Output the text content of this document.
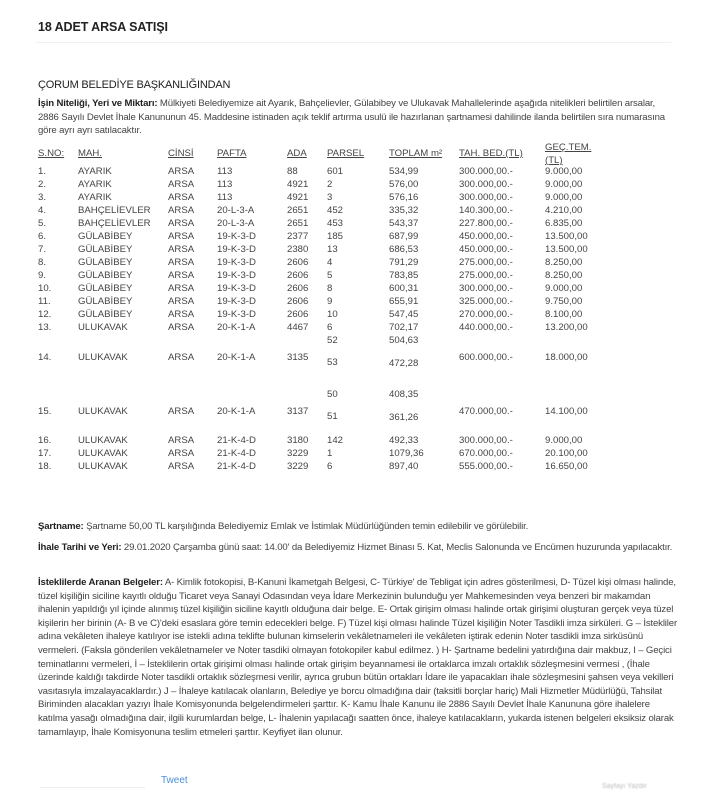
18 ADET ARSA SATIŞI
ÇORUM BELEDİYE BAŞKANLIĞINDAN
İşin Niteliği, Yeri ve Miktarı: Mülkiyeti Belediyemize ait Ayarık, Bahçelievler, Gülabibey ve Ulukavak Mahallelerinde aşağıda nitelikleri belirtilen arsalar, 2886 Sayılı Devlet İhale Kanununun 45. Maddesine istinaden açık teklif artırma usulü ile hazırlanan şartnamesi dahilinde ilanda belirtilen sıra numarasına göre ayrı ayrı satılacaktır.
S.NO: MAH.	CİNSİ PAFTA	ADA PARSEL	TOPLAM m² TAH. BED.(TL)
GEÇ.TEM.
(TL)
1.	AYARIK	ARSA 113	88	601	534,99	300.000,00.-	9.000,00
2.	AYARIK	ARSA 113	4921 2	576,00	300.000,00.-	9.000,00
3.	AYARIK	ARSA 113	4921 3	576,16	300.000,00.-	9.000,00
4.	BAHÇELİEVLER ARSA 20-L-3-A	2651 452	335,32	140.300,00.-	4.210,00
5.	BAHÇELİEVLER ARSA 20-L-3-A	2651 453	543,37	227.800,00.-	6.835,00
6.	GÜLABİBEY	ARSA 19-K-3-D	2377 185	687,99	450.000,00.-	13.500,00
7.	GÜLABİBEY	ARSA 19-K-3-D	2380 13	686,53	450.000,00.-	13.500,00
8.	GÜLABİBEY	ARSA 19-K-3-D	2606 4	791,29	275.000,00.-	8.250,00
9.	GÜLABİBEY	ARSA 19-K-3-D	2606 5	783,85	275.000,00.-	8.250,00
10.	GÜLABİBEY	ARSA 19-K-3-D	2606 8	600,31	300.000,00.-	9.000,00
11.	GÜLABİBEY	ARSA 19-K-3-D	2606 9	655,91	325.000,00.-	9.750,00
12.	GÜLABİBEY	ARSA 19-K-3-D	2606 10	547,45	270.000,00.-	8.100,00
13.	ULUKAVAK	ARSA 20-K-1-A	4467 6	702,17	440.000,00.-	13.200,00
14.	ULUKAVAK	ARSA 20-K-1-A	3135
52	504,63
53	472,28
600.000,00.-	18.000,00
15.	ULUKAVAK	ARSA 20-K-1-A	3137
50	408,35
51	361,26
470.000,00.-	14.100,00
16.	ULUKAVAK	ARSA 21-K-4-D	3180 142	492,33	300.000,00.-	9.000,00
17.	ULUKAVAK	ARSA 21-K-4-D	3229 1	1079,36	670.000,00.-	20.100,00
18.	ULUKAVAK	ARSA 21-K-4-D	3229 6	897,40	555.000,00.-	16.650,00
Şartname: Şartname 50,00 TL karşılığında Belediyemiz Emlak ve İstimlak Müdürlüğünden temin edilebilir ve görülebilir.
İhale Tarihi ve Yeri: 29.01.2020 Çarşamba günü saat: 14.00' da Belediyemiz Hizmet Binası 5. Kat, Meclis Salonunda ve Encümen huzurunda yapılacaktır.
İsteklilerde Aranan Belgeler: A- Kimlik fotokopisi, B-Kanuni İkametgah Belgesi, C- Türkiye' de Tebligat için adres gösterilmesi, D- Tüzel kişi olması halinde, tüzel kişiliğin siciline kayıtlı olduğu Ticaret veya Sanayi Odasından veya İdare Merkezinin bulunduğu yer Mahkemesinden veya benzeri bir makamdan ihalenin yapıldığı yıl içinde alınmış tüzel kişiliğin siciline kayıtlı olduğuna dair belge. E- Ortak girişim olması halinde ortak girişimi oluşturan gerçek veya tüzel kişilerin her birinin (A- B ve C)'deki esaslara göre temin edecekleri belge. F) Tüzel kişi olması halinde Tüzel kişiliğin Noter Tasdikli imza sirküleri. G – İstekliler adına vekâleten ihaleye katılıyor ise istekli adına teklifte bulunan kimselerin vekâletnameleri ile vekâleten iştirak edenin Noter tasdikli imza sirküsünü vermeleri. (Faksla gönderilen vekâletnameler ve Noter tasdiki olmayan fotokopiler kabul edilmez. ) H- Şartname bedelini yatırdığına dair makbuz, I – Geçici teminatlarını vermeleri, İ – İsteklilerin ortak girişimi olması halinde ortak girişim beyannamesi ile ortaklarca imzalı ortaklık sözleşmesini vermesi , (İhale üzerinde kaldığı takdirde Noter tasdikli ortaklık sözleşmesi verilir, ayrıca grubun bütün ortakları İdare ile yapacakları ihale sözleşmesini şahsen veya vekilleri vasıtasıyla imzalayacaklardır.) J – İhaleye katılacak olanların, Belediye ye borcu olmadığına dair (taksitli borçlar hariç) Mali Hizmetler Müdürlüğü, Tahsilat Biriminden alacakları yazıyı İhale Komisyonunda belgelendirmeleri şarttır. K- Kamu İhale Kanunu ile 2886 Sayılı Devlet İhale Kanununa göre ihalelere katılma yasağı olmadığına dair, ilgili kurumlardan belge, L- İhalenin yapılacağı saatten önce, ihaleye katılacakların, yukarda istenen belgeleri eksiksiz olarak tamamlayıp, İhale Komisyonuna teslim etmeleri şarttır. Keyfiyet ilan olunur.
Tweet
Sayfayı Yazdır
